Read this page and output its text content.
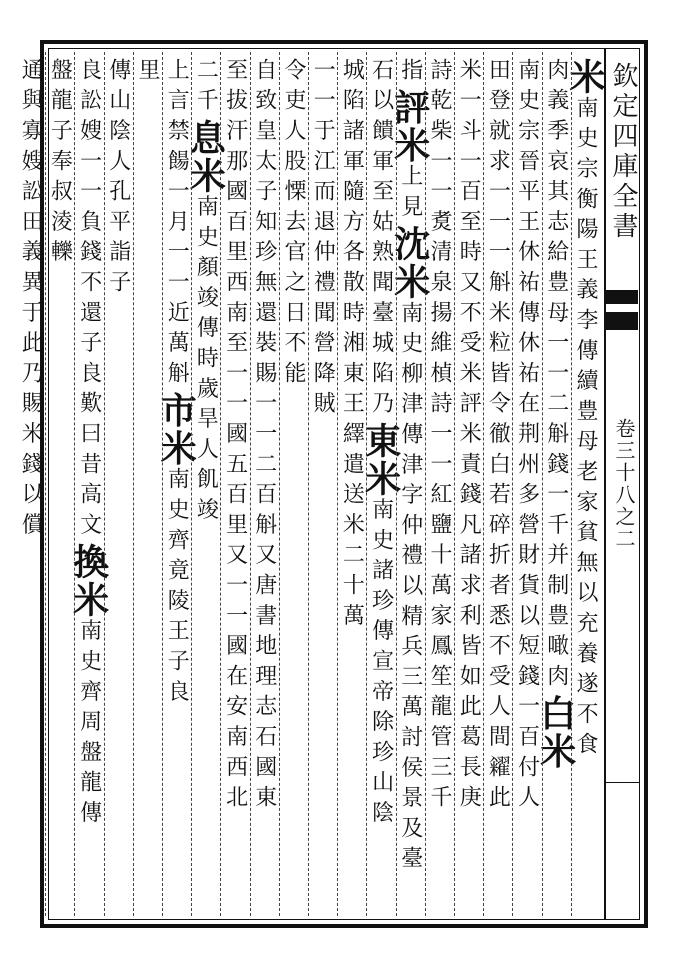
欽定四庫全書
卷三十八之二
米南史宗衡陽王義李傳續豊母老家貧無以充養遂不食
肉義季哀其志給豊母一一二斛錢一千并制豊噉肉白米
南史宗晉平王休祐傳休祐在荆州多營財貨以短錢一百付人
田登就求一一一斛米粒皆令徹白若碎折者悉不受人間糴此
米一斗一百至時又不受米評米責錢凡諸求利皆如此葛長庚
詩乾柴一一煑清泉揚維楨詩一一紅鹽十萬家鳳笙龍管三千
指評米上見沈米南史柳津傳津字仲禮以精兵三萬討侯景及臺
石以饋軍至姑熟聞臺城陷乃東米南史諸珍傳宣帝除珍山陰
城陷諸軍隨方各散時湘東王繹遣送米二十萬
一一于江而退仲禮聞營降賊
令吏人股慄去官之日不能
自致皇太子知珍無還裝賜一一二百斛又唐書地理志石國東
至拔汗那國百里西南至一一國五百里又一一國在安南西北
二千息米南史顏竣傳時歲旱人飢竣
上言禁餳一月一一近萬斛市米南史齊竟陵王子良
里
傳山陰人孔平詣子
良訟嫂一一負錢不還子良歎曰昔高文換米南史齊周盤龍傳
盤龍子奉叔淩轢
通與寡嫂訟田義異于此乃賜米錢以償
